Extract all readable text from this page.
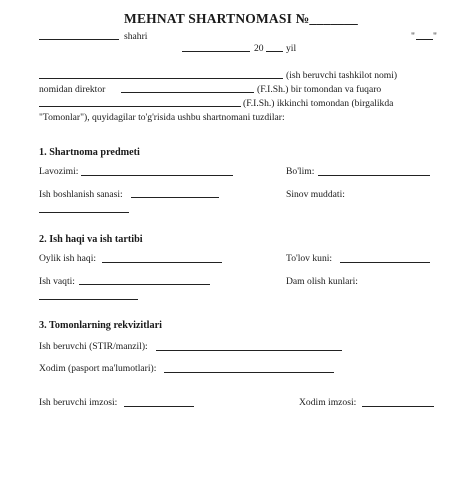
MEHNAT SHARTNOMASI №_______
shahri	" "
20 yil
(ish beruvchi tashkilot nomi)
nomidan direktor	(F.I.Sh.) bir tomondan va fuqaro
(F.I.Sh.) ikkinchi tomondan (birgalikda
"Tomonlar"), quyidagilar to'g'risida ushbu shartnomani tuzdilar:
1. Shartnoma predmeti
Lavozimi:	Bo'lim:
Ish boshlanish sanasi:	Sinov muddati:
2. Ish haqi va ish tartibi
Oylik ish haqi:	To'lov kuni:
Ish vaqti:	Dam olish kunlari:
3. Tomonlarning rekvizitlari
Ish beruvchi (STIR/manzil):
Xodim (pasport ma'lumotlari):
Ish beruvchi imzosi:	Xodim imzosi:
